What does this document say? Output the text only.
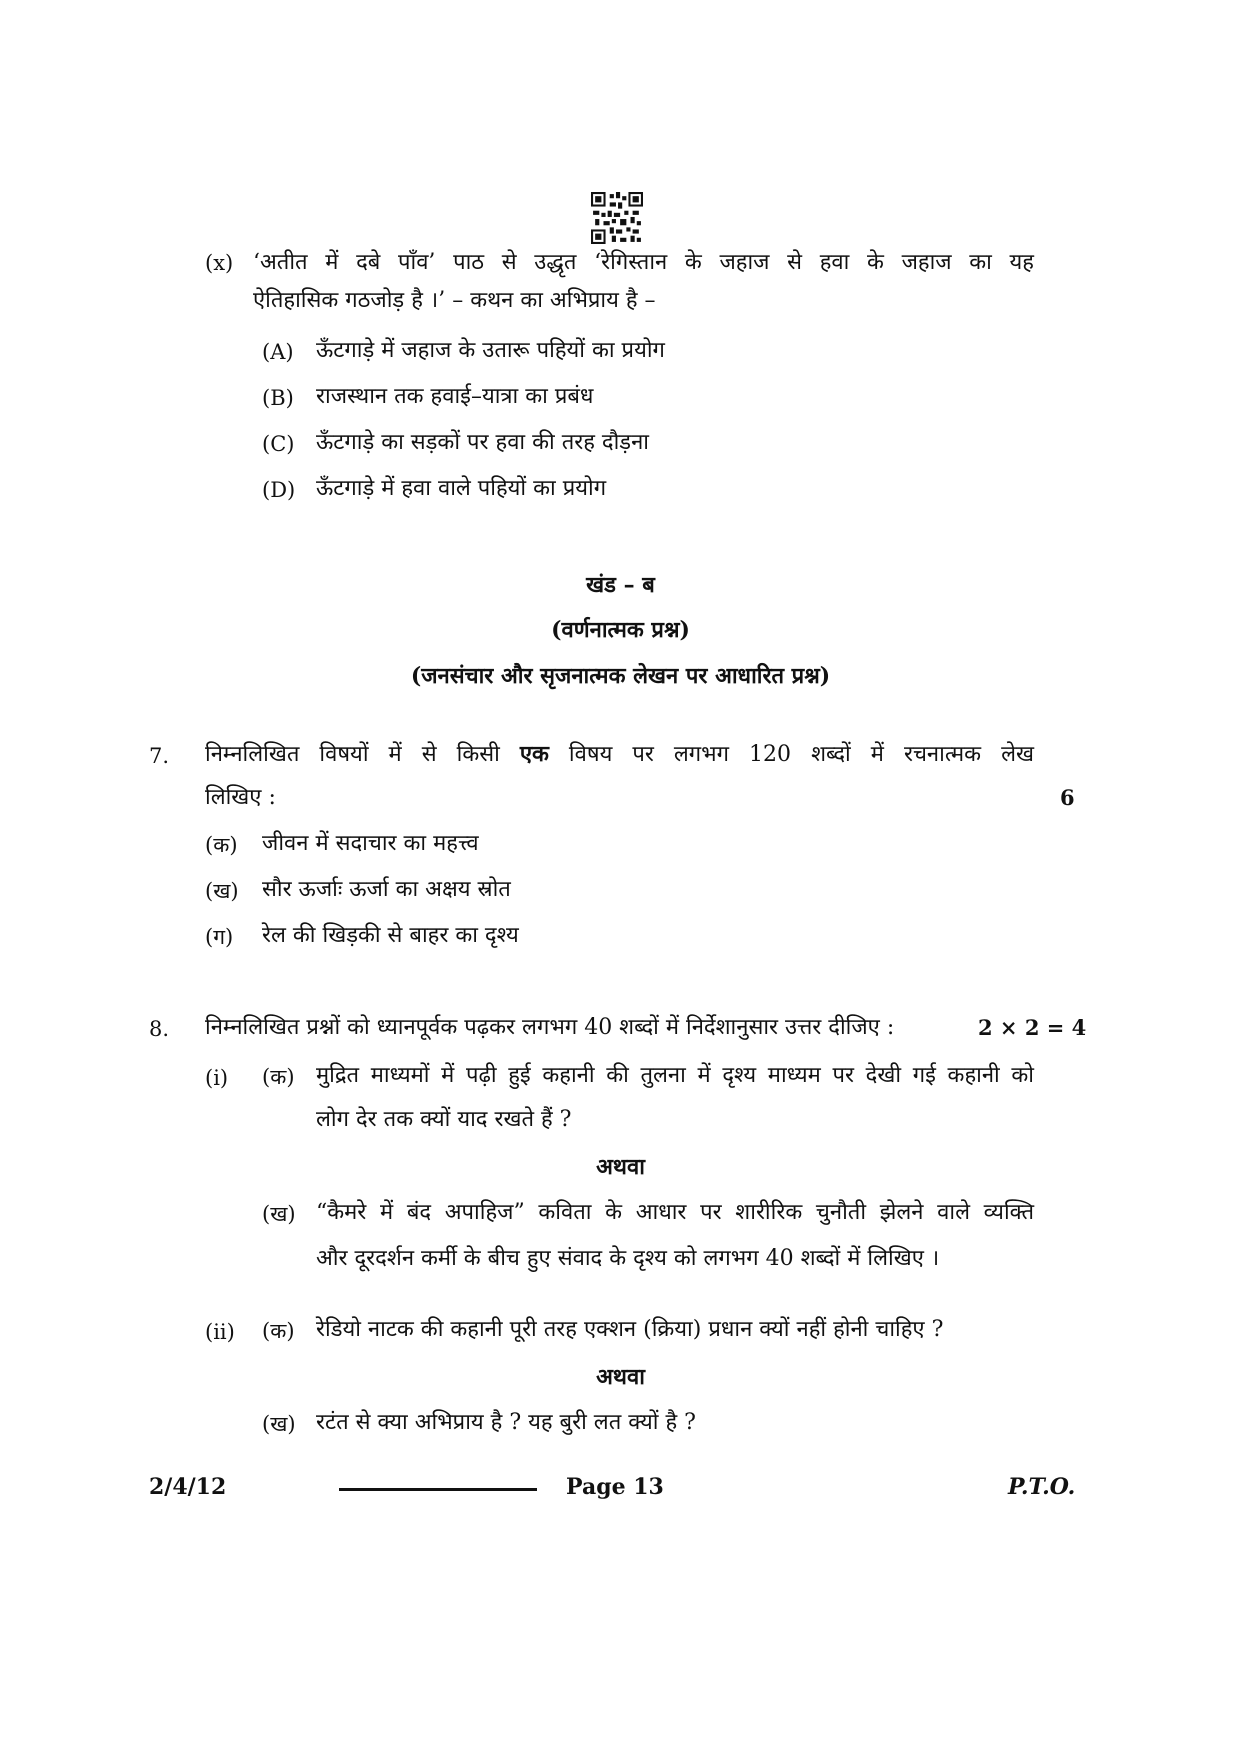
(x) ‘अतीत में दबे पाँव’ पाठ से उद्धृत ‘रेगिस्तान के जहाज से हवा के जहाज का यह
ऐतिहासिक गठजोड़ है ।’ – कथन का अभिप्राय है –
(A) ऊँटगाड़े में जहाज के उतारू पहियों का प्रयोग
(B) राजस्थान तक हवाई–यात्रा का प्रबंध
(C) ऊँटगाड़े का सड़कों पर हवा की तरह दौड़ना
(D) ऊँटगाड़े में हवा वाले पहियों का प्रयोग
खंड – ब
(वर्णनात्मक प्रश्न)
(जनसंचार और सृजनात्मक लेखन पर आधारित प्रश्न)
7. निम्नलिखित विषयों में से किसी एक विषय पर लगभग 120 शब्दों में रचनात्मक लेख
लिखिए :	6
(क) जीवन में सदाचार का महत्त्व
(ख) सौर ऊर्जाः ऊर्जा का अक्षय स्रोत
(ग) रेल की खिड़की से बाहर का दृश्य
8. निम्नलिखित प्रश्नों को ध्यानपूर्वक पढ़कर लगभग 40 शब्दों में निर्देशानुसार उत्तर दीजिए :	2 × 2 = 4
(i) (क) मुद्रित माध्यमों में पढ़ी हुई कहानी की तुलना में दृश्य माध्यम पर देखी गई कहानी को
लोग देर तक क्यों याद रखते हैं ?
अथवा
(ख) “कैमरे में बंद अपाहिज” कविता के आधार पर शारीरिक चुनौती झेलने वाले व्यक्ति
और दूरदर्शन कर्मी के बीच हुए संवाद के दृश्य को लगभग 40 शब्दों में लिखिए ।
(ii) (क) रेडियो नाटक की कहानी पूरी तरह एक्शन (क्रिया) प्रधान क्यों नहीं होनी चाहिए ?
अथवा
(ख) रटंत से क्या अभिप्राय है ? यह बुरी लत क्यों है ?
2/4/12	Page 13	P.T.O.
